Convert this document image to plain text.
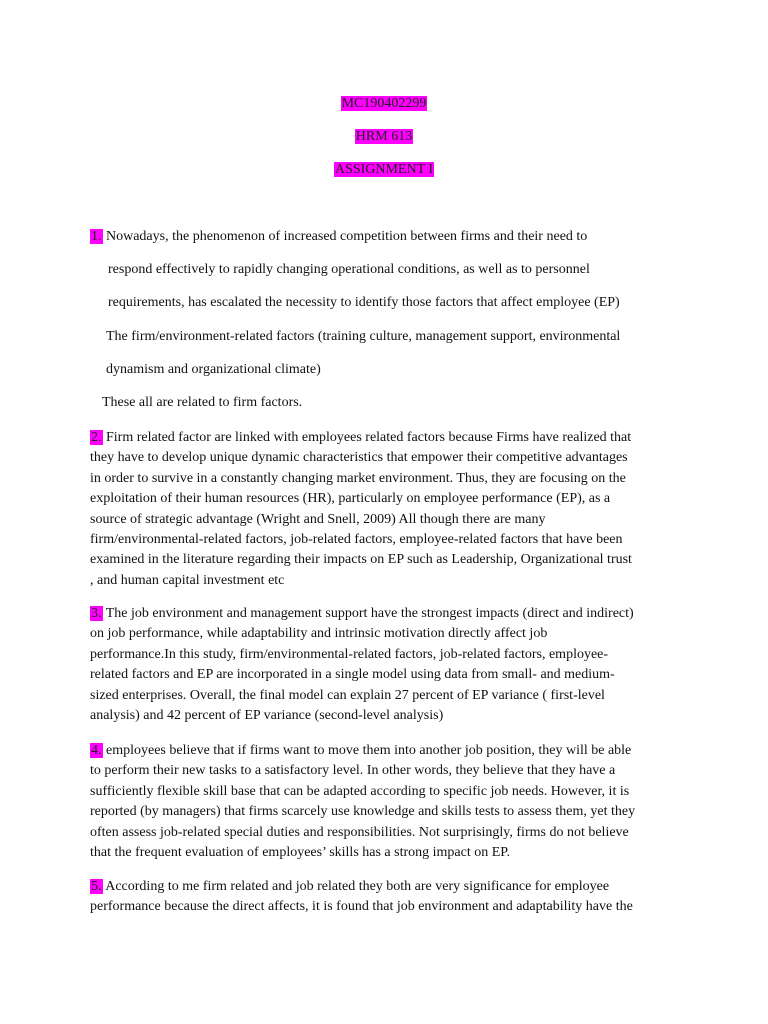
MC190402299
HRM 613
ASSIGNMENT I
1. Nowadays, the phenomenon of increased competition between firms and their need to
respond effectively to rapidly changing operational conditions, as well as to personnel
requirements, has escalated the necessity to identify those factors that affect employee (EP)
The firm/environment-related factors (training culture, management support, environmental
dynamism and organizational climate)
These all are related to firm factors.
2. Firm related factor are linked with employees related factors because Firms have realized that
they have to develop unique dynamic characteristics that empower their competitive advantages
in order to survive in a constantly changing market environment. Thus, they are focusing on the
exploitation of their human resources (HR), particularly on employee performance (EP), as a
source of strategic advantage (Wright and Snell, 2009) All though there are many
firm/environmental-related factors, job-related factors, employee-related factors that have been
examined in the literature regarding their impacts on EP such as Leadership, Organizational trust
, and human capital investment etc
3. The job environment and management support have the strongest impacts (direct and indirect)
on job performance, while adaptability and intrinsic motivation directly affect job
performance.In this study, firm/environmental-related factors, job-related factors, employee-
related factors and EP are incorporated in a single model using data from small- and medium-
sized enterprises. Overall, the final model can explain 27 percent of EP variance ( first-level
analysis) and 42 percent of EP variance (second-level analysis)
4. employees believe that if firms want to move them into another job position, they will be able
to perform their new tasks to a satisfactory level. In other words, they believe that they have a
sufficiently flexible skill base that can be adapted according to specific job needs. However, it is
reported (by managers) that firms scarcely use knowledge and skills tests to assess them, yet they
often assess job-related special duties and responsibilities. Not surprisingly, firms do not believe
that the frequent evaluation of employees’ skills has a strong impact on EP.
5. According to me firm related and job related they both are very significance for employee
performance because the direct affects, it is found that job environment and adaptability have the
